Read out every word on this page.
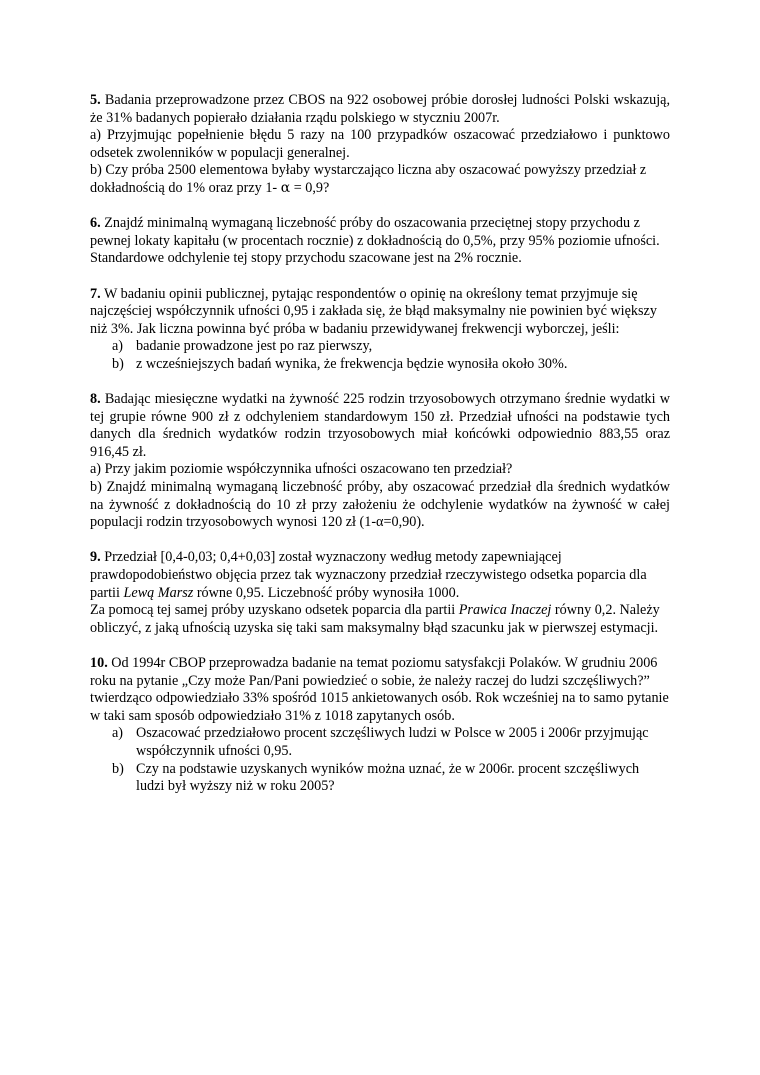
5. Badania przeprowadzone przez CBOS na 922 osobowej próbie dorosłej ludności Polski wskazują, że 31% badanych popierało działania rządu polskiego w styczniu 2007r.

a) Przyjmując popełnienie błędu 5 razy na 100 przypadków oszacować przedziałowo i punktowo odsetek zwolenników w populacji generalnej.

b) Czy próba 2500 elementowa byłaby wystarczająco liczna aby oszacować powyższy przedział z dokładnością do 1% oraz przy 1- α = 0,9?

6. Znajdź minimalną wymaganą liczebność próby do oszacowania przeciętnej stopy przychodu z pewnej lokaty kapitału (w procentach rocznie) z dokładnością do 0,5%, przy 95% poziomie ufności. Standardowe odchylenie tej stopy przychodu szacowane jest na 2% rocznie.

7. W badaniu opinii publicznej, pytając respondentów o opinię na określony temat przyjmuje się najczęściej współczynnik ufności 0,95 i zakłada się, że błąd maksymalny nie powinien być większy niż 3%. Jak liczna powinna być próba w badaniu przewidywanej frekwencji wyborczej, jeśli:

a) badanie prowadzone jest po raz pierwszy,
b) z wcześniejszych badań wynika, że frekwencja będzie wynosiła około 30%.

8. Badając miesięczne wydatki na żywność 225 rodzin trzyosobowych otrzymano średnie wydatki w tej grupie równe 900 zł z odchyleniem standardowym 150 zł. Przedział ufności na podstawie tych danych dla średnich wydatków rodzin trzyosobowych miał końcówki odpowiednio 883,55 oraz 916,45 zł.

a) Przy jakim poziomie współczynnika ufności oszacowano ten przedział?

b) Znajdź minimalną wymaganą liczebność próby, aby oszacować przedział dla średnich wydatków na żywność z dokładnością do 10 zł przy założeniu że odchylenie wydatków na żywność w całej populacji rodzin trzyosobowych wynosi 120 zł (1-α=0,90).

9. Przedział [0,4-0,03; 0,4+0,03] został wyznaczony według metody zapewniającej prawdopodobieństwo objęcia przez tak wyznaczony przedział rzeczywistego odsetka poparcia dla partii Lewą Marsz równe 0,95. Liczebność próby wynosiła 1000.

Za pomocą tej samej próby uzyskano odsetek poparcia dla partii Prawica Inaczej równy 0,2. Należy obliczyć, z jaką ufnością uzyska się taki sam maksymalny błąd szacunku jak w pierwszej estymacji.

10. Od 1994r CBOP przeprowadza badanie na temat poziomu satysfakcji Polaków. W grudniu 2006 roku na pytanie „Czy może Pan/Pani powiedzieć o sobie, że należy raczej do ludzi szczęśliwych?” twierdząco odpowiedziało 33% spośród 1015 ankietowanych osób. Rok wcześniej na to samo pytanie w taki sam sposób odpowiedziało 31% z 1018 zapytanych osób.

a) Oszacować przedziałowo procent szczęśliwych ludzi w Polsce w 2005 i 2006r przyjmując współczynnik ufności 0,95.
b) Czy na podstawie uzyskanych wyników można uznać, że w 2006r. procent szczęśliwych ludzi był wyższy niż w roku 2005?
